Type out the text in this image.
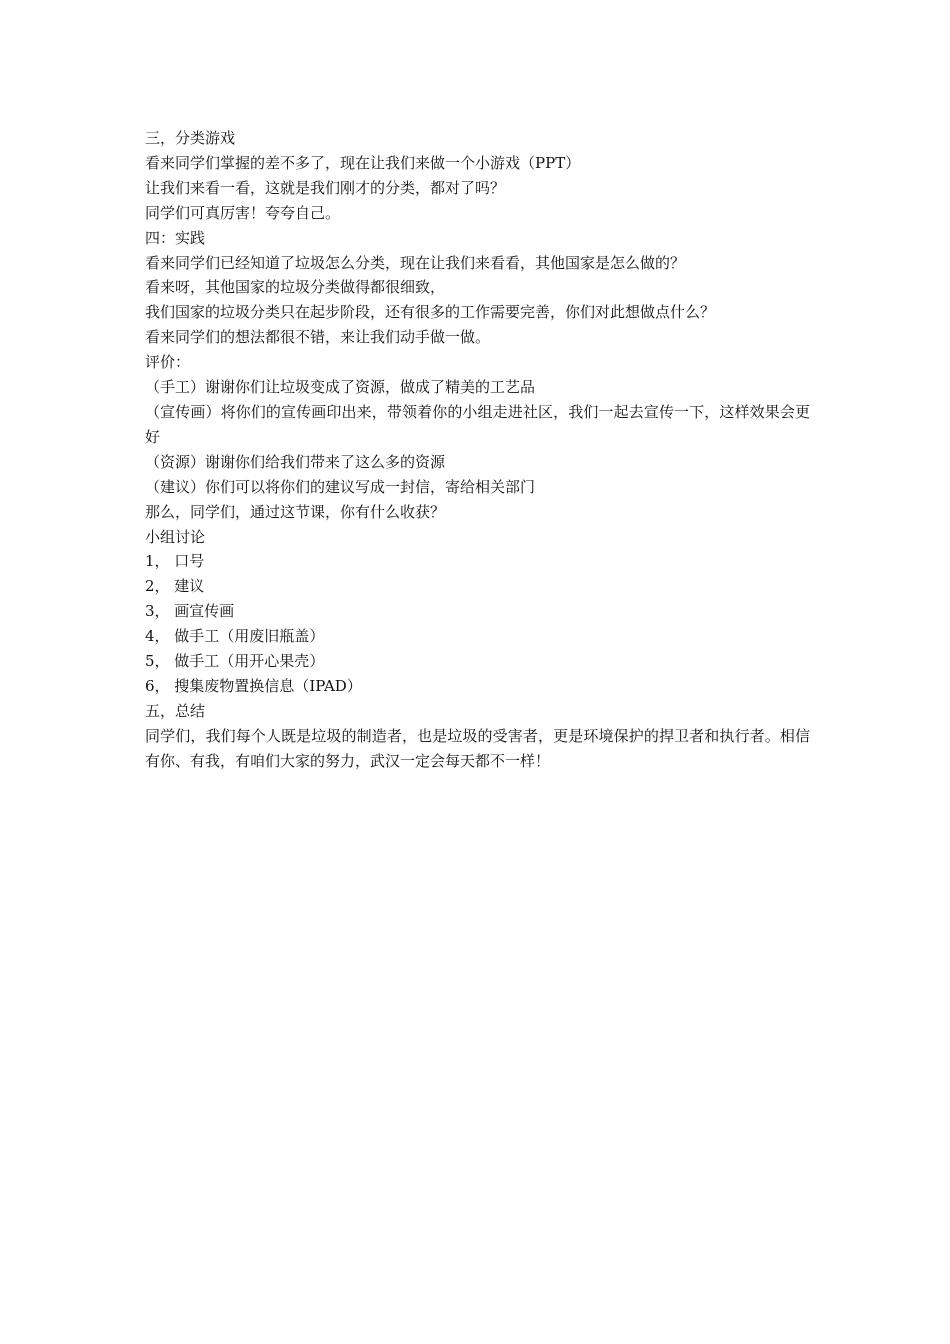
三，分类游戏

看来同学们掌握的差不多了，现在让我们来做一个小游戏（PPT）

让我们来看一看，这就是我们刚才的分类，都对了吗？

同学们可真厉害！夸夸自己。

四：实践

看来同学们已经知道了垃圾怎么分类，现在让我们来看看，其他国家是怎么做的？

看来呀，其他国家的垃圾分类做得都很细致，

我们国家的垃圾分类只在起步阶段，还有很多的工作需要完善，你们对此想做点什么？

看来同学们的想法都很不错，来让我们动手做一做。

评价：

（手工）谢谢你们让垃圾变成了资源，做成了精美的工艺品

（宣传画）将你们的宣传画印出来，带领着你的小组走进社区，我们一起去宣传一下，这样效果会更好

（资源）谢谢你们给我们带来了这么多的资源

（建议）你们可以将你们的建议写成一封信，寄给相关部门

那么，同学们，通过这节课，你有什么收获？

小组讨论

1， 口号

2， 建议

3， 画宣传画

4， 做手工（用废旧瓶盖）

5， 做手工（用开心果壳）

6， 搜集废物置换信息（IPAD）

五，总结

同学们，我们每个人既是垃圾的制造者，也是垃圾的受害者，更是环境保护的捍卫者和执行者。相信有你、有我，有咱们大家的努力，武汉一定会每天都不一样！
